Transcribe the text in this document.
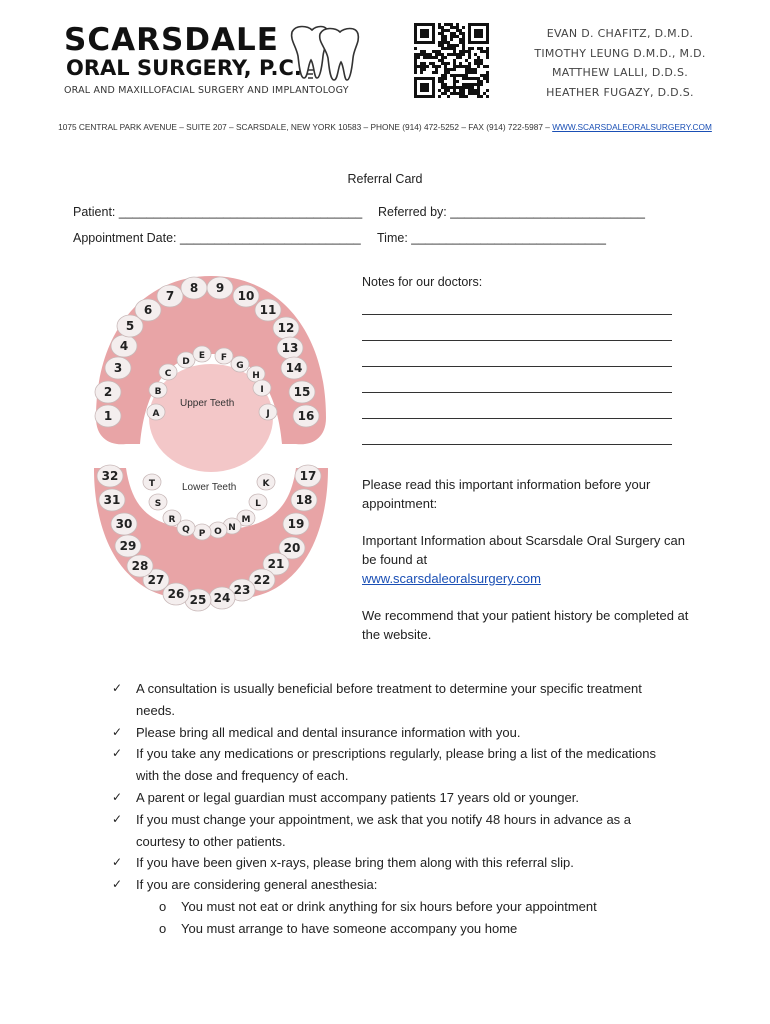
SCARSDALE
ORAL SURGERY, P.C.
ORAL AND MAXILLOFACIAL SURGERY AND IMPLANTOLOGY
EVAN D. CHAFITZ, D.M.D.
TIMOTHY LEUNG D.M.D., M.D.
MATTHEW LALLI, D.D.S.
HEATHER FUGAZY, D.D.S.
1075 CENTRAL PARK AVENUE – SUITE 207 – SCARSDALE, NEW YORK 10583 – PHONE (914) 472-5252 – FAX (914) 722-5987 – WWW.SCARSDALEORALSURGERY.COM
Referral Card
Patient: ___________________________________ Referred by: ____________________________
Appointment Date: __________________________ Time: ____________________________
Upper Teeth
Lower Teeth
1
2
3
4
5
6
7
8 9
10
11
12
13
14
15
16
A
B
C
D
E F
G
H
I
J
17
18
19
20
21
22
23
24
25
26
27
28
29
30
31
32
K
L
M
N
O
P
Q
R
S
T
Notes for our doctors:

Please read this important information before your appointment:

Important Information about Scarsdale Oral Surgery can be found at
www.scarsdaleoralsurgery.com

We recommend that your patient history be completed at the website.

✓ A consultation is usually beneficial before treatment to determine your specific treatment needs.
✓ Please bring all medical and dental insurance information with you.
✓ If you take any medications or prescriptions regularly, please bring a list of the medications with the dose and frequency of each.
✓ A parent or legal guardian must accompany patients 17 years old or younger.
✓ If you must change your appointment, we ask that you notify 48 hours in advance as a courtesy to other patients.
✓ If you have been given x-rays, please bring them along with this referral slip.
✓ If you are considering general anesthesia:
o You must not eat or drink anything for six hours before your appointment
o You must arrange to have someone accompany you home
